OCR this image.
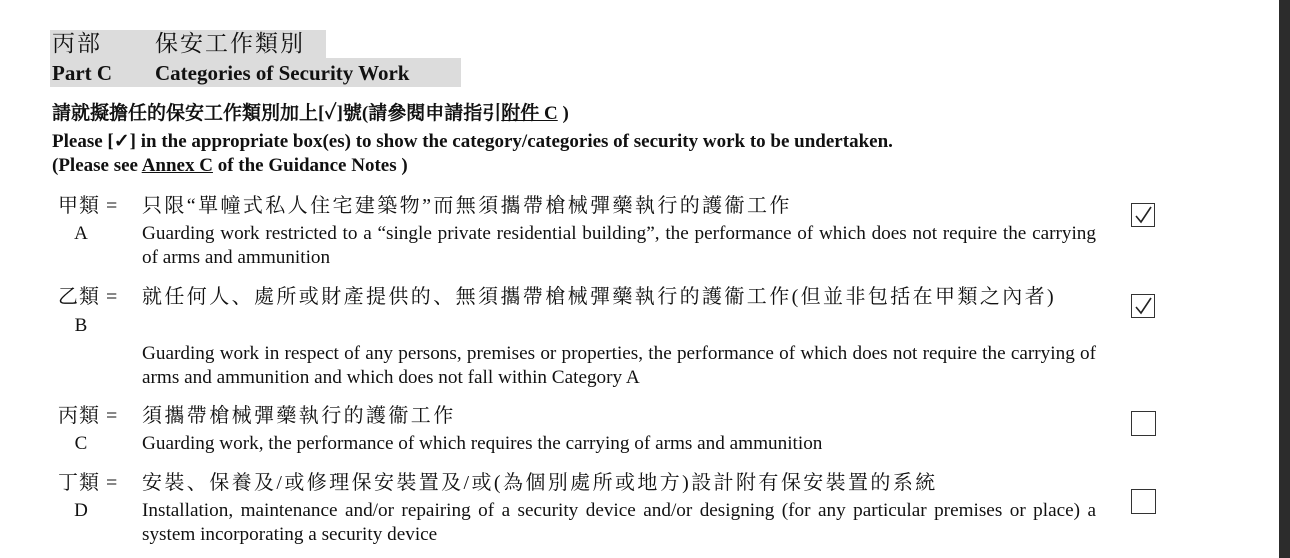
丙部 保安工作類別
Part C Categories of Security Work
請就擬擔任的保安工作類別加上[✓]號(請參閱申請指引附件 C )
Please [✓] in the appropriate box(es) to show the category/categories of security work to be undertaken.
(Please see Annex C of the Guidance Notes )
甲類 =
A
只限“單幢式私人住宅建築物”而無須攜帶槍械彈藥執行的護衞工作
Guarding work restricted to a “single private residential building”, the performance of which does not require the carrying of arms and ammunition
乙類 =
B
就任何人、處所或財產提供的、無須攜帶槍械彈藥執行的護衞工作(但並非包括在甲類之內者)
Guarding work in respect of any persons, premises or properties, the performance of which does not require the carrying of arms and ammunition and which does not fall within Category A
丙類 =
C
須攜帶槍械彈藥執行的護衞工作
Guarding work, the performance of which requires the carrying of arms and ammunition
丁類 =
D
安裝、保養及/或修理保安裝置及/或(為個別處所或地方)設計附有保安裝置的系統
Installation, maintenance and/or repairing of a security device and/or designing (for any particular premises or place) a system incorporating a security device
